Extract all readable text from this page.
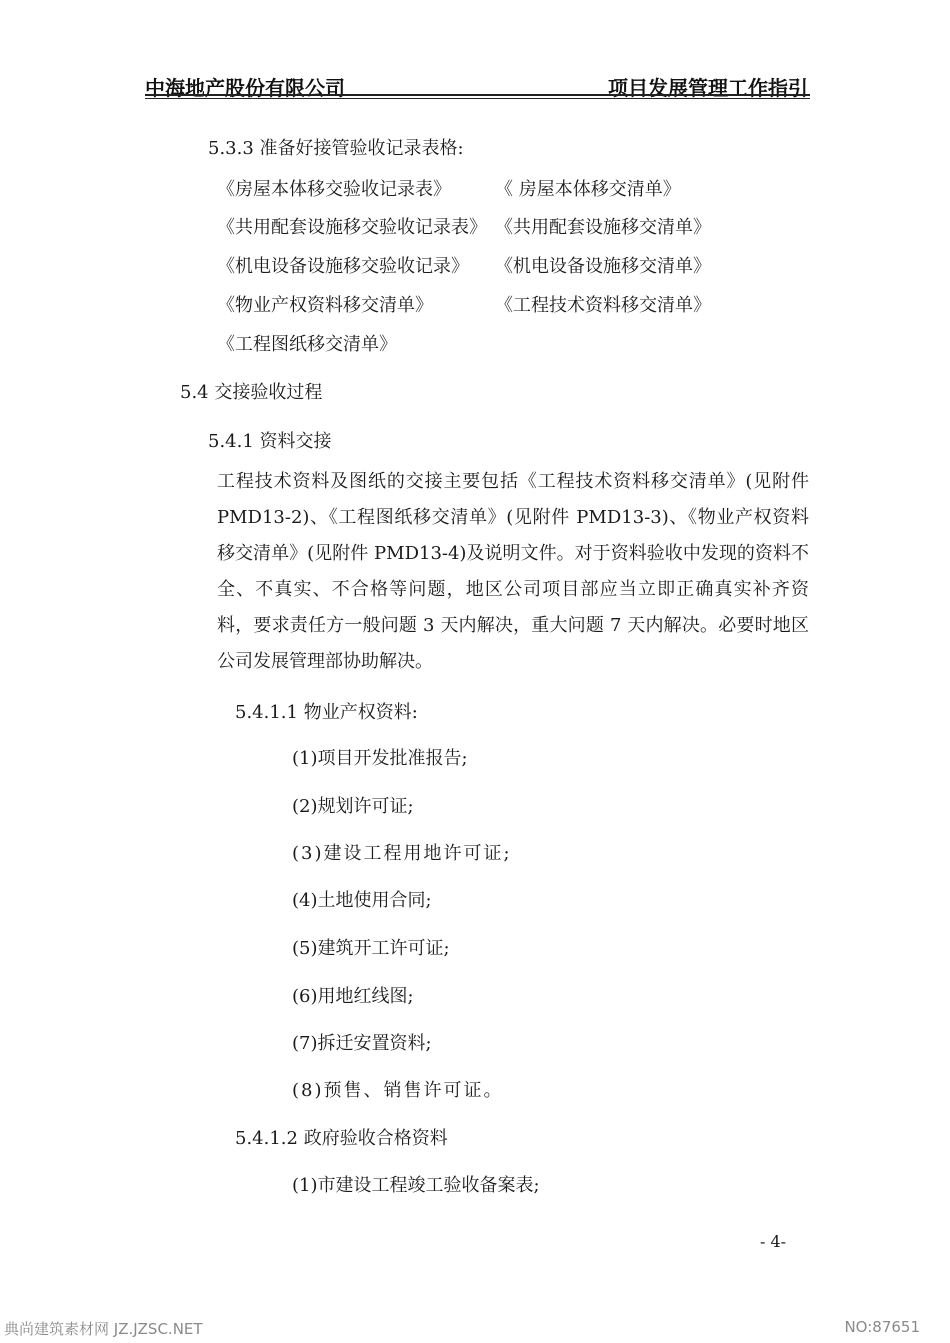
中海地产股份有限公司	项目发展管理工作指引
5.3.3 准备好接管验收记录表格:
《房屋本体移交验收记录表》 《 房屋本体移交清单》
《共用配套设施移交验收记录表》 《共用配套设施移交清单》
《机电设备设施移交验收记录》 《机电设备设施移交清单》
《物业产权资料移交清单》	《工程技术资料移交清单》
《工程图纸移交清单》
5.4 交接验收过程
5.4.1 资料交接
工程技术资料及图纸的交接主要包括《工程技术资料移交清单》(见附件 PMD13-2)、《工程图纸移交清单》(见附件 PMD13-3)、《物业产权资料移交清单》(见附件 PMD13-4)及说明文件。对于资料验收中发现的资料不全、不真实、不合格等问题，地区公司项目部应当立即正确真实补齐资料，要求责任方一般问题 3 天内解决，重大问题 7 天内解决。必要时地区公司发展管理部协助解决。
5.4.1.1 物业产权资料:
(1)项目开发批准报告;
(2)规划许可证;
(3)建设工程用地许可证;
(4)土地使用合同;
(5)建筑开工许可证;
(6)用地红线图;
(7)拆迁安置资料;
(8)预售、销售许可证。
5.4.1.2 政府验收合格资料
(1)市建设工程竣工验收备案表;
- 4-
典尚建筑素材网 JZ.JZSC.NET	NO:87651
